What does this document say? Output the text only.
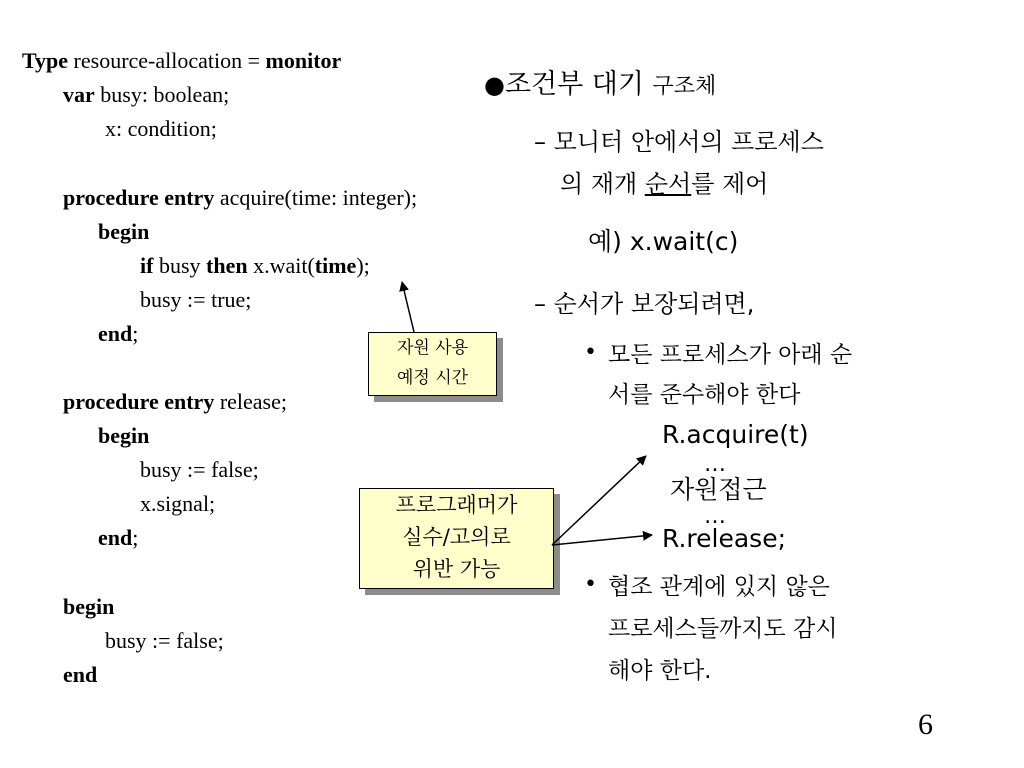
Type resource-allocation = monitor
var busy: boolean;
x: condition;
procedure entry acquire(time: integer);
begin
if busy then x.wait(time);
busy := true;
end;
procedure entry release;
begin
busy := false;
x.signal;
end;
begin
busy := false;
end
자원 사용
예정 시간
프로그래머가
실수/고의로
위반 가능
●조건부 대기 구조체
– 모니터 안에서의 프로세스
의 재개 순서를 제어
예) x.wait(c)
– 순서가 보장되려면,
• 모든 프로세스가 아래 순
서를 준수해야 한다
R.acquire(t)
…
자원접근
…
R.release;
• 협조 관계에 있지 않은
프로세스들까지도 감시
해야 한다.
6
